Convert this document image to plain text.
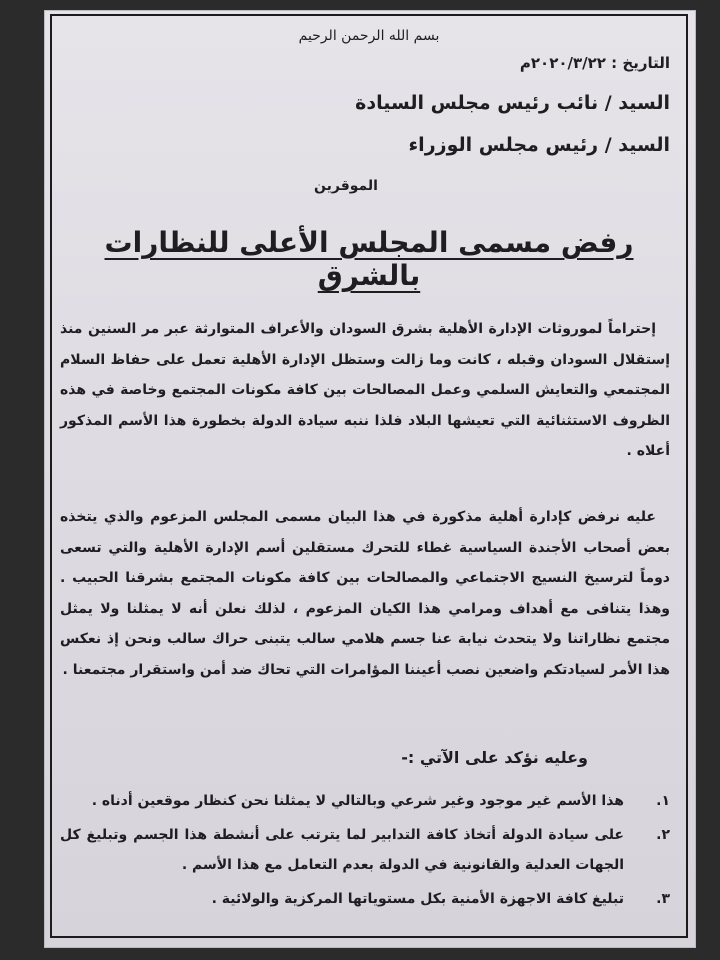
بسم الله الرحمن الرحيم
التاريخ : ٢٠٢٠/٣/٢٢م
السيد / نائب رئيس مجلس السيادة
السيد / رئيس مجلس الوزراء
الموقرين
رفض مسمى المجلس الأعلى للنظارات بالشرق

إحتراماً لموروثات الإدارة الأهلية بشرق السودان والأعراف المتوارثة عبر مر السنين منذ إستقلال السودان وقبله ، كانت وما زالت وستظل الإدارة الأهلية تعمل على حفاظ السلام المجتمعي والتعايش السلمي وعمل المصالحات بين كافة مكونات المجتمع وخاصة في هذه الظروف الاستثنائية التي تعيشها البلاد فلذا ننبه سيادة الدولة بخطورة هذا الأسم المذكور أعلاه .

عليه نرفض كإدارة أهلية مذكورة في هذا البيان مسمى المجلس المزعوم والذي يتخذه بعض أصحاب الأجندة السياسية غطاء للتحرك مستقلين أسم الإدارة الأهلية والتي تسعى دوماً لترسيخ النسيج الاجتماعي والمصالحات بين كافة مكونات المجتمع بشرقنا الحبيب . وهذا يتنافى مع أهداف ومرامي هذا الكيان المزعوم ، لذلك نعلن أنه لا يمثلنا ولا يمثل مجتمع نظاراتنا ولا يتحدث نيابة عنا جسم هلامي سالب يتبنى حراك سالب ونحن إذ نعكس هذا الأمر لسيادتكم واضعين نصب أعيننا المؤامرات التي تحاك ضد أمن واستقرار مجتمعنا .

وعليه نؤكد على الآتي :-
١.
هذا الأسم غير موجود وغير شرعي وبالتالي لا يمثلنا نحن كنظار موقعين أدناه .
٢.
على سيادة الدولة أتخاذ كافة التدابير لما يترتب على أنشطة هذا الجسم وتبليغ كل الجهات العدلية والقانونية في الدولة بعدم التعامل مع هذا الأسم .
٣.
تبليغ كافة الاجهزة الأمنية بكل مستوياتها المركزية والولائية .
